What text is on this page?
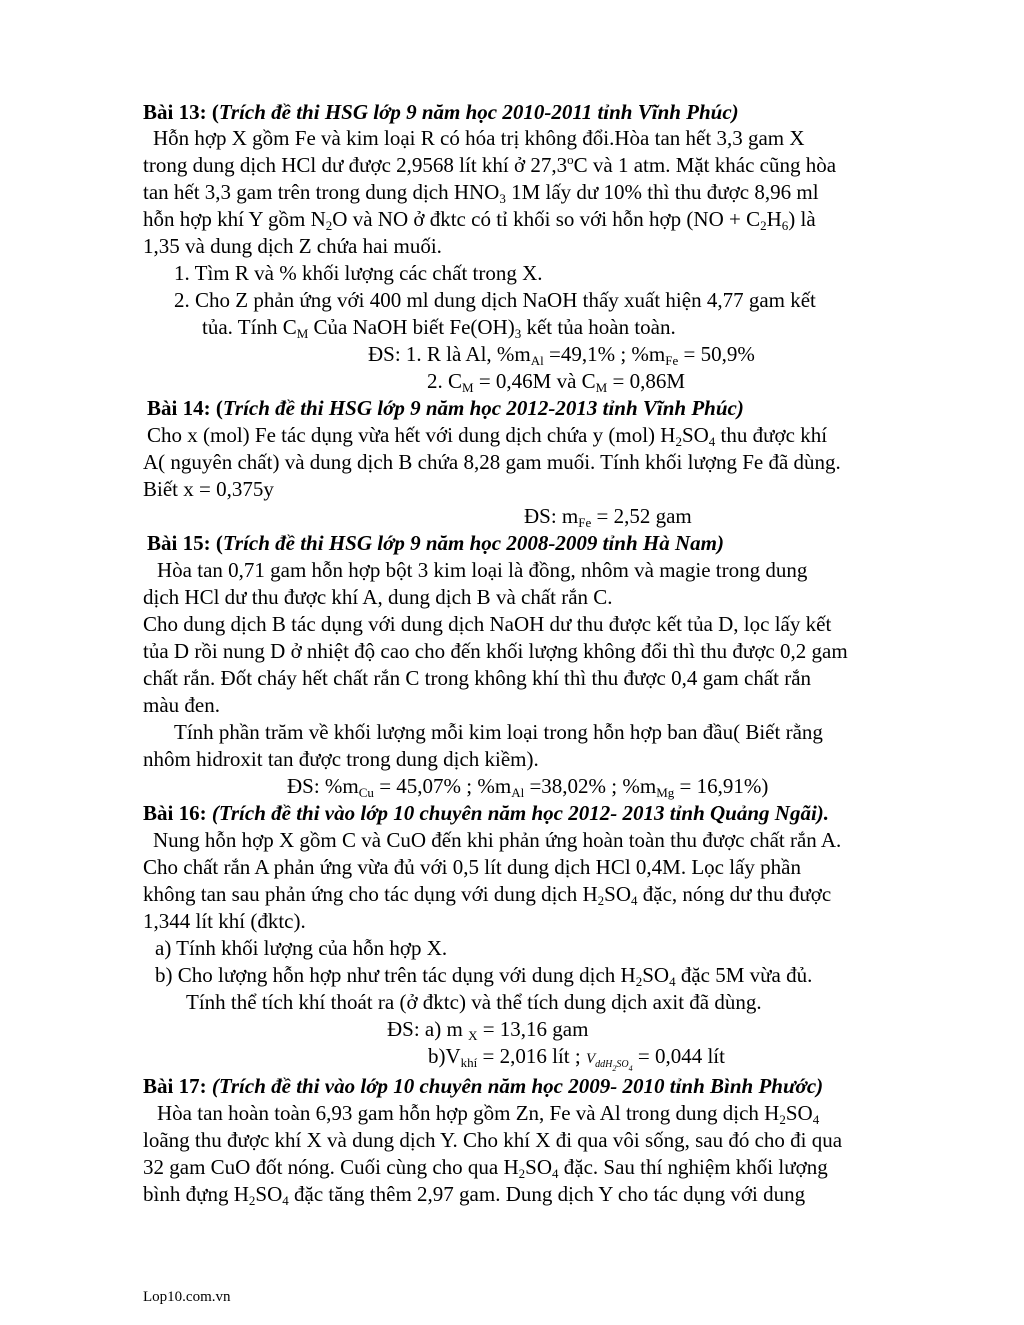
Bài 13: (Trích đề thi HSG lớp 9 năm học 2010-2011 tỉnh Vĩnh Phúc)
Hỗn hợp X gồm Fe và kim loại R có hóa trị không đổi.Hòa tan hết 3,3 gam X
trong dung dịch HCl dư được 2,9568 lít khí ở 27,3$^o$C và 1 atm. Mặt khác cũng hòa
tan hết 3,3 gam trên trong dung dịch $HNO_3$ 1M lấy dư 10% thì thu được 8,96 ml
hỗn hợp khí Y gồm $N_2O$ và NO ở đktc có tỉ khối so với hỗn hợp $(NO + C_2H_6)$ là
1,35 và dung dịch Z chứa hai muối.
1. Tìm R và % khối lượng các chất trong X.
2. Cho Z phản ứng với 400 ml dung dịch NaOH thấy xuất hiện 4,77 gam kết
tủa. Tính $C_M$ Của NaOH biết $Fe(OH)_3$ kết tủa hoàn toàn.
ĐS: 1. R là Al, $\%m_{Al} =49,1\%$ ; $\%m_{Fe} = 50,9\%$
2. $C_M = 0,46M$ và $C_M = 0,86M$
Bài 14: (Trích đề thi HSG lớp 9 năm học 2012-2013 tỉnh Vĩnh Phúc)
Cho x (mol) Fe tác dụng vừa hết với dung dịch chứa y (mol) $H_2SO_4$ thu được khí
A( nguyên chất) và dung dịch B chứa 8,28 gam muối. Tính khối lượng Fe đã dùng.
Biết x = 0,375y
ĐS: $m_{Fe} = 2,52$ gam
Bài 15: (Trích đề thi HSG lớp 9 năm học 2008-2009 tỉnh Hà Nam)
Hòa tan 0,71 gam hỗn hợp bột 3 kim loại là đồng, nhôm và magie trong dung
dịch HCl dư thu được khí A, dung dịch B và chất rắn C.
Cho dung dịch B tác dụng với dung dịch NaOH dư thu được kết tủa D, lọc lấy kết
tủa D rồi nung D ở nhiệt độ cao cho đến khối lượng không đổi thì thu được 0,2 gam
chất rắn. Đốt cháy hết chất rắn C trong không khí thì thu được 0,4 gam chất rắn
màu đen.
Tính phần trăm về khối lượng mỗi kim loại trong hỗn hợp ban đầu( Biết rằng
nhôm hidroxit tan được trong dung dịch kiềm).
ĐS: $\%m_{Cu} = 45,07\%$ ; $\%m_{Al} =38,02\%$ ; $\%m_{Mg} = 16,91\%$)
Bài 16: (Trích đề thi vào lớp 10 chuyên năm học 2012- 2013 tỉnh Quảng Ngãi).
Nung hỗn hợp X gồm C và CuO đến khi phản ứng hoàn toàn thu được chất rắn A.
Cho chất rắn A phản ứng vừa đủ với 0,5 lít dung dịch HCl 0,4M. Lọc lấy phần
không tan sau phản ứng cho tác dụng với dung dịch $H_2SO_4$ đặc, nóng dư thu được
1,344 lít khí (đktc).
a) Tính khối lượng của hỗn hợp X.
b) Cho lượng hỗn hợp như trên tác dụng với dung dịch $H_2SO_4$ đặc 5M vừa đủ.
Tính thể tích khí thoát ra (ở đktc) và thể tích dung dịch axit đã dùng.
ĐS: a) m $_X$ = 13,16 gam
$b)V_{khí} = 2,016$ lít ; $V_{ddH_2SO_4} = 0,044$ lít
Bài 17: (Trích đề thi vào lớp 10 chuyên năm học 2009- 2010 tỉnh Bình Phước)
Hòa tan hoàn toàn 6,93 gam hỗn hợp gồm Zn, Fe và Al trong dung dịch $H_2SO_4$
loãng thu được khí X và dung dịch Y. Cho khí X đi qua vôi sống, sau đó cho đi qua
32 gam CuO đốt nóng. Cuối cùng cho qua $H_2SO_4$ đặc. Sau thí nghiệm khối lượng
bình đựng $H_2SO_4$ đặc tăng thêm 2,97 gam. Dung dịch Y cho tác dụng với dung
Lop10.com.vn
